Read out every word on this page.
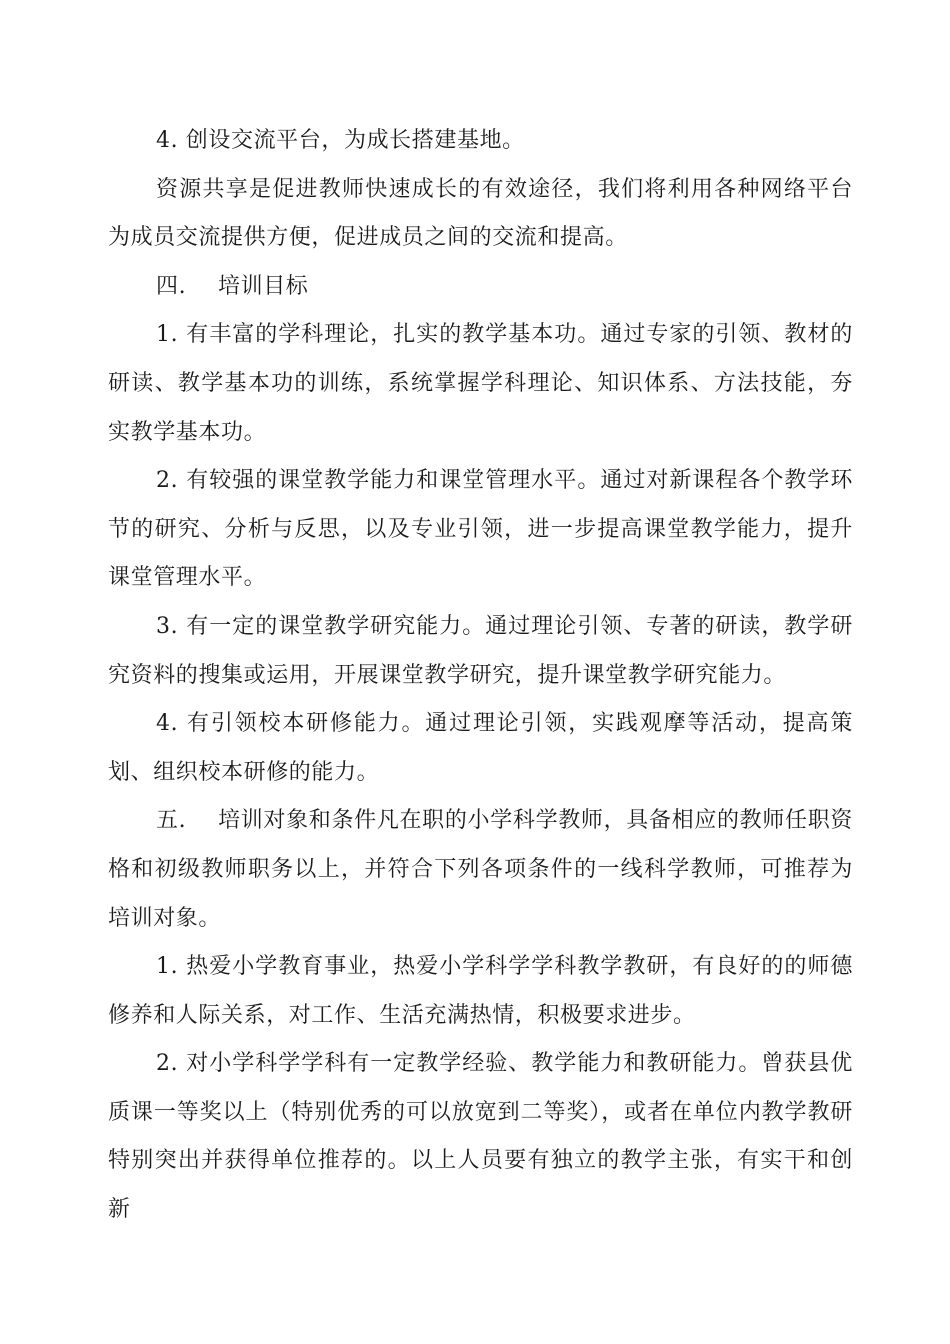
4. 创设交流平台，为成长搭建基地。

资源共享是促进教师快速成长的有效途径，我们将利用各种网络平台为成员交流提供方便，促进成员之间的交流和提高。

四. 培训目标

1. 有丰富的学科理论，扎实的教学基本功。通过专家的引领、教材的研读、教学基本功的训练，系统掌握学科理论、知识体系、方法技能，夯实教学基本功。

2. 有较强的课堂教学能力和课堂管理水平。通过对新课程各个教学环节的研究、分析与反思，以及专业引领，进一步提高课堂教学能力，提升课堂管理水平。

3. 有一定的课堂教学研究能力。通过理论引领、专著的研读，教学研究资料的搜集或运用，开展课堂教学研究，提升课堂教学研究能力。

4. 有引领校本研修能力。通过理论引领，实践观摩等活动，提高策划、组织校本研修的能力。

五. 培训对象和条件凡在职的小学科学教师，具备相应的教师任职资格和初级教师职务以上，并符合下列各项条件的一线科学教师，可推荐为培训对象。

1. 热爱小学教育事业，热爱小学科学学科教学教研，有良好的的师德修养和人际关系，对工作、生活充满热情，积极要求进步。

2. 对小学科学学科有一定教学经验、教学能力和教研能力。曾获县优质课一等奖以上（特别优秀的可以放宽到二等奖），或者在单位内教学教研特别突出并获得单位推荐的。以上人员要有独立的教学主张，有实干和创新
